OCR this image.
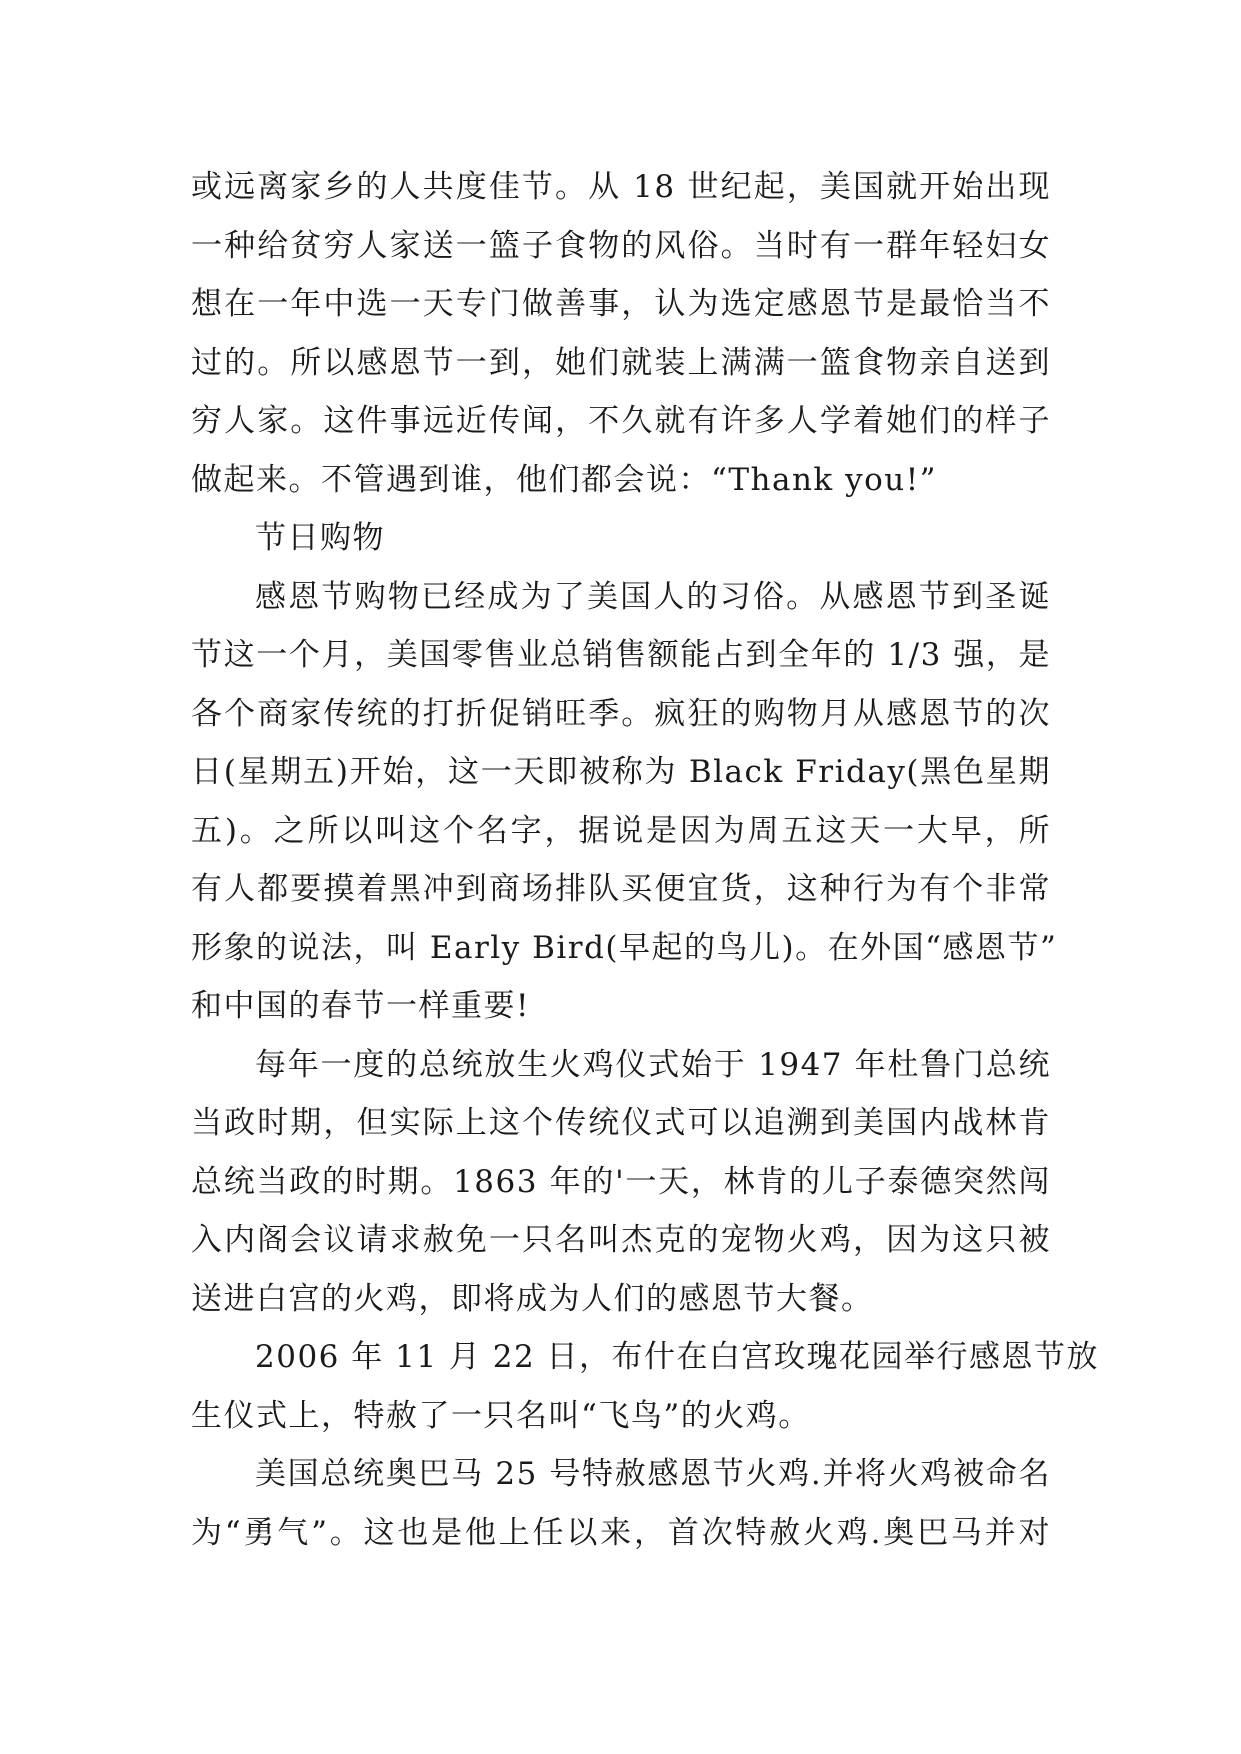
或远离家乡的人共度佳节。从 18 世纪起，美国就开始出现
一种给贫穷人家送一篮子食物的风俗。当时有一群年轻妇女
想在一年中选一天专门做善事，认为选定感恩节是最恰当不
过的。所以感恩节一到，她们就装上满满一篮食物亲自送到
穷人家。这件事远近传闻，不久就有许多人学着她们的样子
做起来。不管遇到谁，他们都会说：“Thank you!”
节日购物
感恩节购物已经成为了美国人的习俗。从感恩节到圣诞
节这一个月，美国零售业总销售额能占到全年的 1/3 强，是
各个商家传统的打折促销旺季。疯狂的购物月从感恩节的次
日(星期五)开始，这一天即被称为 Black Friday(黑色星期
五)。之所以叫这个名字，据说是因为周五这天一大早，所
有人都要摸着黑冲到商场排队买便宜货，这种行为有个非常
形象的说法，叫 Early Bird(早起的鸟儿)。在外国“感恩节”
和中国的春节一样重要!
每年一度的总统放生火鸡仪式始于 1947 年杜鲁门总统
当政时期，但实际上这个传统仪式可以追溯到美国内战林肯
总统当政的时期。1863 年的'一天，林肯的儿子泰德突然闯
入内阁会议请求赦免一只名叫杰克的宠物火鸡，因为这只被
送进白宫的火鸡，即将成为人们的感恩节大餐。
2006 年 11 月 22 日，布什在白宫玫瑰花园举行感恩节放
生仪式上，特赦了一只名叫“飞鸟”的火鸡。
美国总统奥巴马 25 号特赦感恩节火鸡.并将火鸡被命名
为“勇气”。这也是他上任以来，首次特赦火鸡.奥巴马并对
